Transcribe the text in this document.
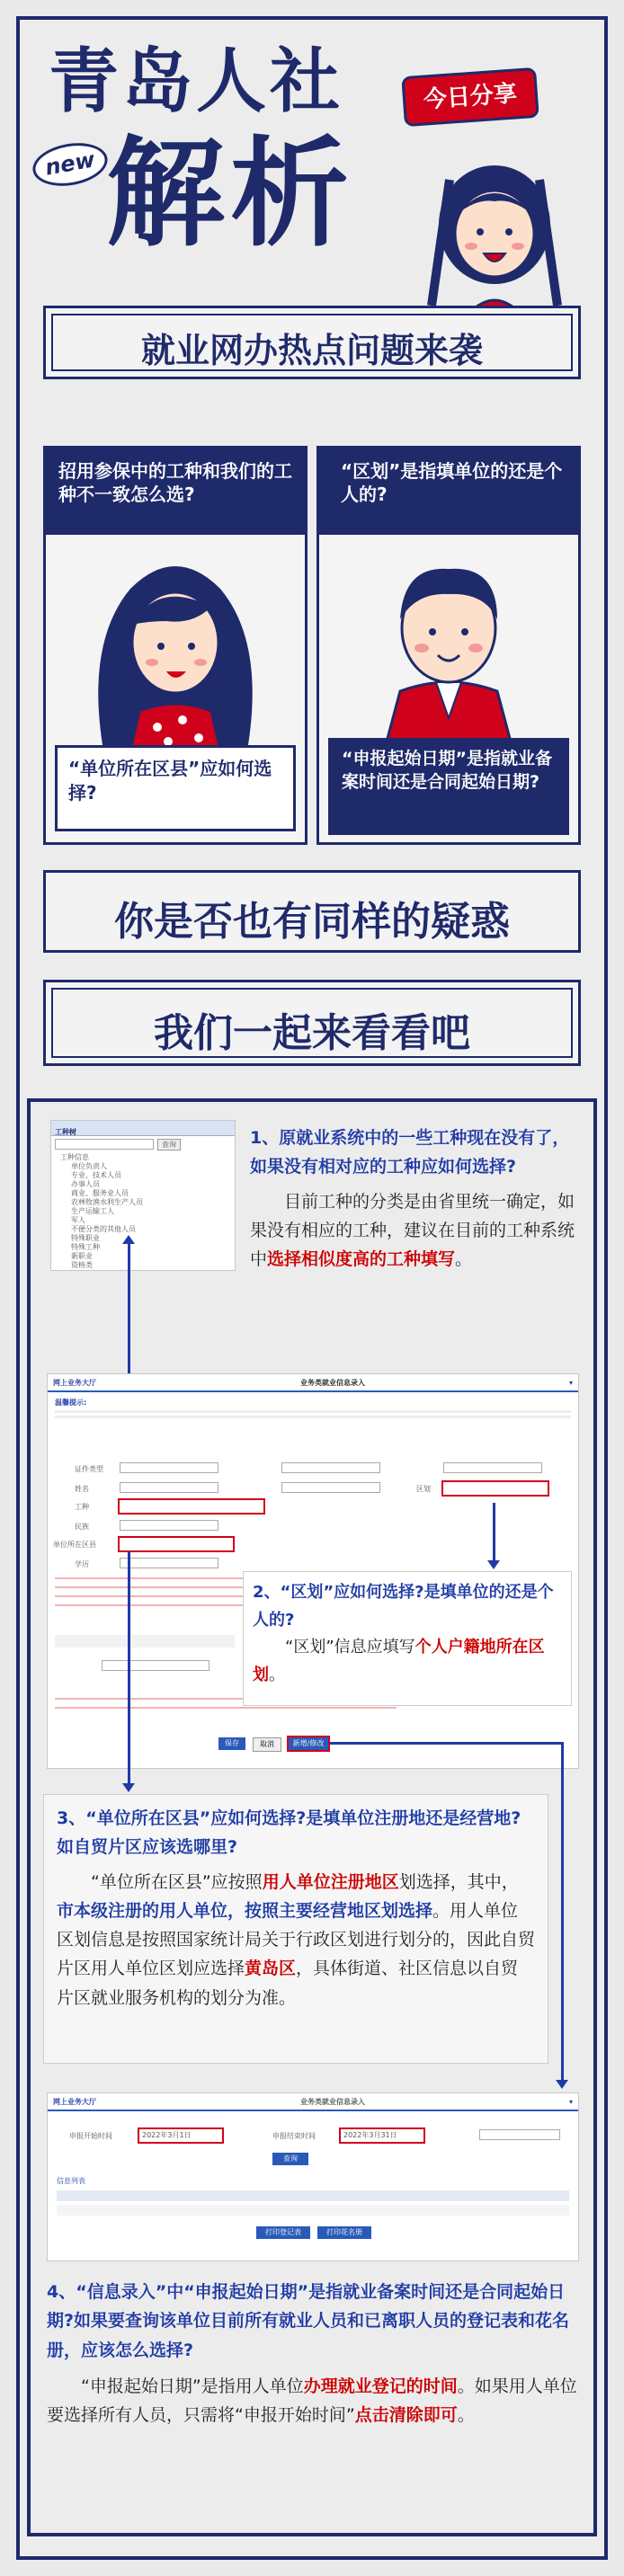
青岛人社
new 解析
今日分享
就业网办热点问题来袭
招用参保中的工种和我们的工种不一致怎么选?
“单位所在区县”应如何选择?
“区划”是指填单位的还是个人的?
“申报起始日期”是指就业备案时间还是合同起始日期?
你是否也有同样的疑惑
我们一起来看看吧
工种树
查询
工种信息
单位负责人
专业、技术人员
办事人员
商业、服务业人员
农林牧渔水利生产人员
生产运输工人
军人
不便分类的其他人员
特殊职业
特殊工种
新职业
资格类
1、原就业系统中的一些工种现在没有了，如果没有相对应的工种应如何选择?
目前工种的分类是由省里统一确定，如果没有相应的工种，建议在目前的工种系统中选择相似度高的工种填写。
网上业务大厅	业务类就业信息录入	▾
温馨提示:
证件类型
姓名
工种
区划
民族
单位所在区县
学历
保存	取消	新增/修改
2、“区划”应如何选择?是填单位的还是个人的?
“区划”信息应填写个人户籍地所在区划。
3、“单位所在区县”应如何选择?是填单位注册地还是经营地?如自贸片区应该选哪里?
“单位所在区县”应按照用人单位注册地区划选择，其中，市本级注册的用人单位，按照主要经营地区划选择。用人单位区划信息是按照国家统计局关于行政区划进行划分的，因此自贸片区用人单位区划应选择黄岛区，具体街道、社区信息以自贸片区就业服务机构的划分为准。
网上业务大厅	业务类就业信息录入	▾
申报开始时间	2022年3月1日	申报结束时间	2022年3月31日
查询
信息列表
打印登记表	打印花名册
4、“信息录入”中“申报起始日期”是指就业备案时间还是合同起始日期?如果要查询该单位目前所有就业人员和已离职人员的登记表和花名册，应该怎么选择?
“申报起始日期”是指用人单位办理就业登记的时间。如果用人单位要选择所有人员，只需将“申报开始时间”点击清除即可。
